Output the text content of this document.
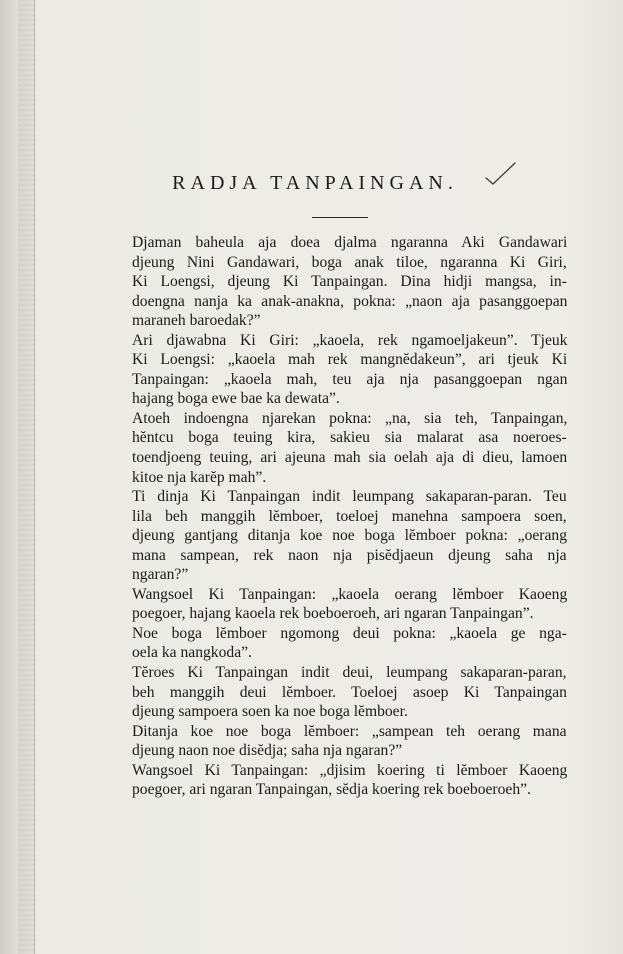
RADJA TANPAINGAN.

Djaman baheula aja doea djalma ngaranna Aki Gandawari
djeung Nini Gandawari, boga anak tiloe, ngaranna Ki Giri,
Ki Loengsi, djeung Ki Tanpaingan. Dina hidji mangsa, in-
doengna nanja ka anak-anakna, pokna: „naon aja pasanggoepan
maraneh baroedak?”

Ari djawabna Ki Giri: „kaoela, rek ngamoeljakeun”. Tjeuk
Ki Loengsi: „kaoela mah rek mangnĕdakeun”, ari tjeuk Ki
Tanpaingan: „kaoela mah, teu aja nja pasanggoepan ngan
hajang boga ewe bae ka dewata”.

Atoeh indoengna njarekan pokna: „na, sia teh, Tanpaingan,
hĕntcu boga teuing kira, sakieu sia malarat asa noeroes-
toendjoeng teuing, ari ajeuna mah sia oelah aja di dieu, lamoen
kitoe nja karĕp mah”.

Ti dinja Ki Tanpaingan indit leumpang sakaparan-paran. Teu
lila beh manggih lĕmboer, toeloej manehna sampoera soen,
djeung gantjang ditanja koe noe boga lĕmboer pokna: „oerang
mana sampean, rek naon nja pisĕdjaeun djeung saha nja
ngaran?”

Wangsoel Ki Tanpaingan: „kaoela oerang lĕmboer Kaoeng
poegoer, hajang kaoela rek boeboeroeh, ari ngaran Tanpaingan”.

Noe boga lĕmboer ngomong deui pokna: „kaoela ge nga-
oela ka nangkoda”.

Tĕroes Ki Tanpaingan indit deui, leumpang sakaparan-paran,
beh manggih deui lĕmboer. Toeloej asoep Ki Tanpaingan
djeung sampoera soen ka noe boga lĕmboer.

Ditanja koe noe boga lĕmboer: „sampean teh oerang mana
djeung naon noe disĕdja; saha nja ngaran?”

Wangsoel Ki Tanpaingan: „djisim koering ti lĕmboer Kaoeng
poegoer, ari ngaran Tanpaingan, sĕdja koering rek boeboeroeh”.
